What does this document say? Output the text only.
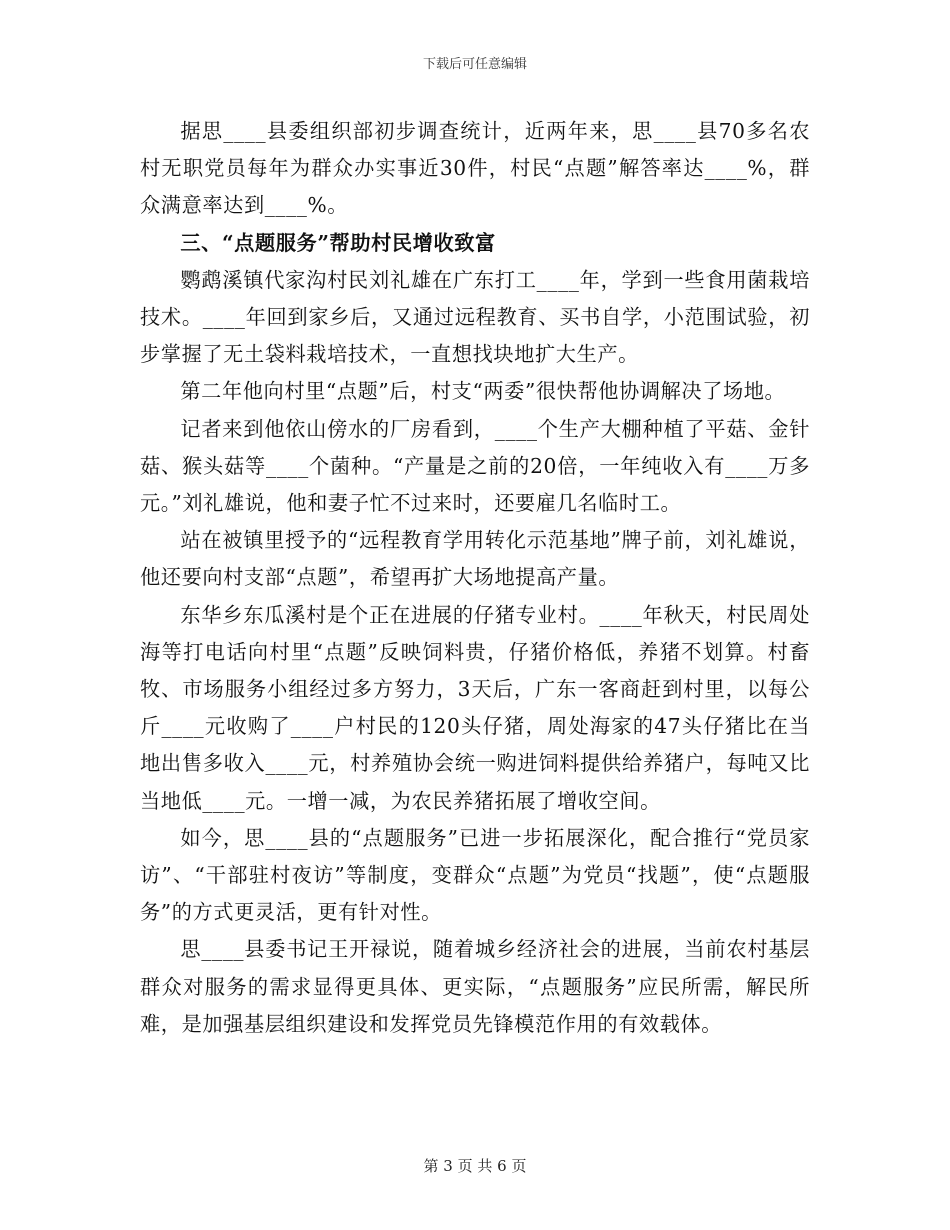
下载后可任意编辑

据思____县委组织部初步调查统计，近两年来，思____县70多名农村无职党员每年为群众办实事近30件，村民“点题”解答率达____%，群众满意率达到____%。

三、“点题服务”帮助村民增收致富

鹦鹉溪镇代家沟村民刘礼雄在广东打工____年，学到一些食用菌栽培技术。____年回到家乡后，又通过远程教育、买书自学，小范围试验，初步掌握了无土袋料栽培技术，一直想找块地扩大生产。

第二年他向村里“点题”后，村支“两委”很快帮他协调解决了场地。

记者来到他依山傍水的厂房看到，____个生产大棚种植了平菇、金针菇、猴头菇等____个菌种。“产量是之前的20倍，一年纯收入有____万多元。”刘礼雄说，他和妻子忙不过来时，还要雇几名临时工。

站在被镇里授予的“远程教育学用转化示范基地”牌子前，刘礼雄说，他还要向村支部“点题”，希望再扩大场地提高产量。

东华乡东瓜溪村是个正在进展的仔猪专业村。____年秋天，村民周处海等打电话向村里“点题”反映饲料贵，仔猪价格低，养猪不划算。村畜牧、市场服务小组经过多方努力，3天后，广东一客商赶到村里，以每公斤____元收购了____户村民的120头仔猪，周处海家的47头仔猪比在当地出售多收入____元，村养殖协会统一购进饲料提供给养猪户，每吨又比当地低____元。一增一减，为农民养猪拓展了增收空间。

如今，思____县的“点题服务”已进一步拓展深化，配合推行“党员家访”、“干部驻村夜访”等制度，变群众“点题”为党员“找题”，使“点题服务”的方式更灵活，更有针对性。

思____县委书记王开禄说，随着城乡经济社会的进展，当前农村基层群众对服务的需求显得更具体、更实际，“点题服务”应民所需，解民所难，是加强基层组织建设和发挥党员先锋模范作用的有效载体。

第 3 页 共 6 页
